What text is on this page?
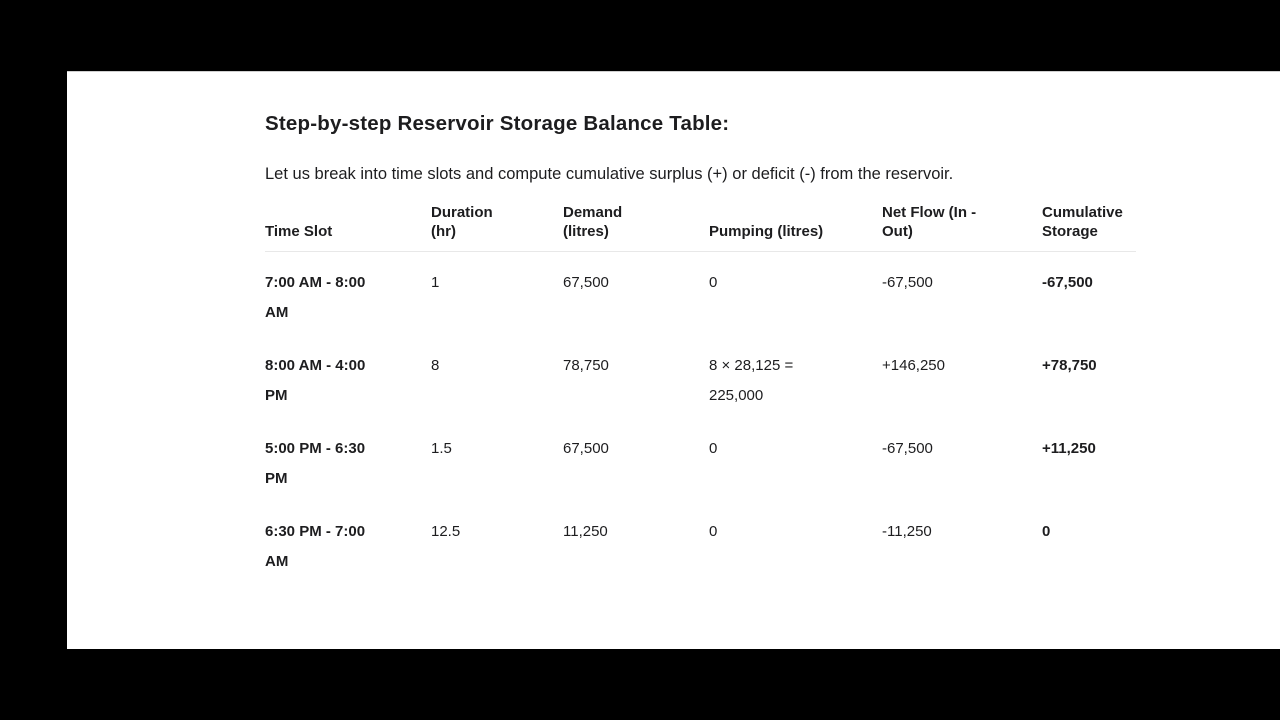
Step-by-step Reservoir Storage Balance Table:

Let us break into time slots and compute cumulative surplus (+) or deficit (-) from the reservoir.

Time Slot	Duration (hr)	Demand (litres)	Pumping (litres)	Net Flow (In - Out)	Cumulative Storage
7:00 AM - 8:00 AM	1	67,500	0	-67,500	-67,500
8:00 AM - 4:00 PM	8	78,750	8 × 28,125 = 225,000	+146,250	+78,750
5:00 PM - 6:30 PM	1.5	67,500	0	-67,500	+11,250
6:30 PM - 7:00 AM	12.5	11,250	0	-11,250	0
